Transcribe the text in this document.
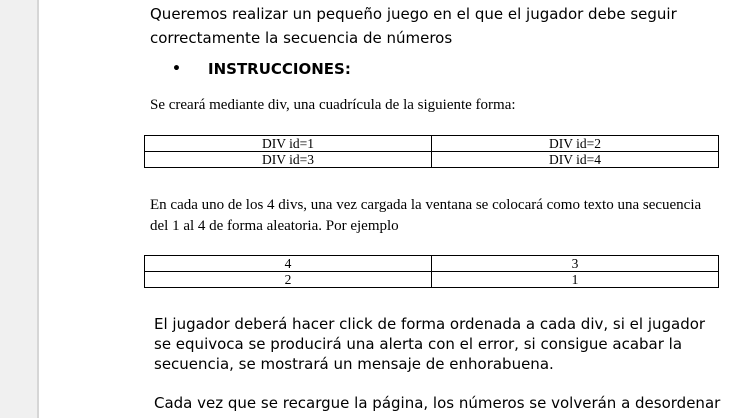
Queremos realizar un pequeño juego en el que el jugador debe seguir correctamente la secuencia de números

•	INSTRUCCIONES:

Se creará mediante div, una cuadrícula de la siguiente forma:

DIV id=1	DIV id=2
DIV id=3	DIV id=4

En cada uno de los 4 divs, una vez cargada la ventana se colocará como texto una secuencia del 1 al 4 de forma aleatoria. Por ejemplo

4	3
2	1

El jugador deberá hacer click de forma ordenada a cada div, si el jugador se equivoca se producirá una alerta con el error, si consigue acabar la secuencia, se mostrará un mensaje de enhorabuena.

Cada vez que se recargue la página, los números se volverán a desordenar
